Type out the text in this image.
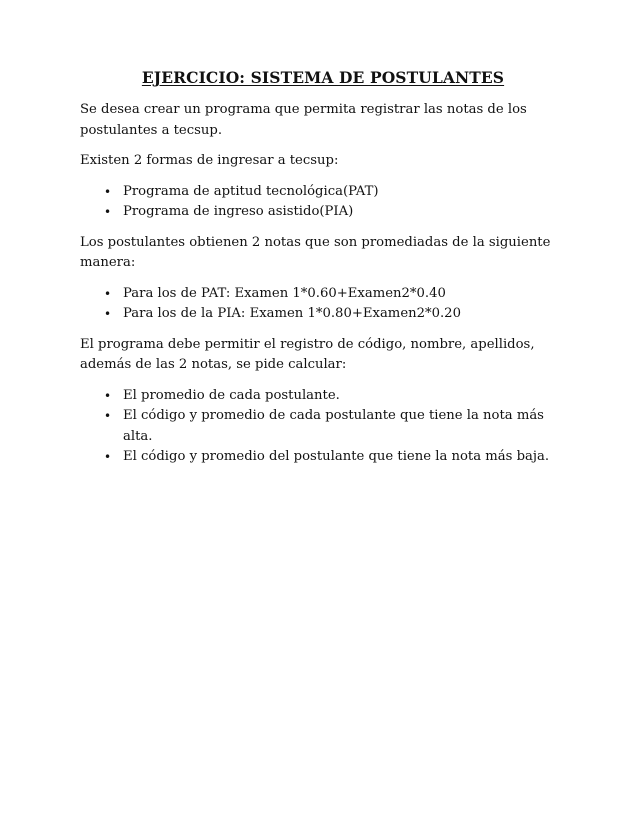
EJERCICIO: SISTEMA DE POSTULANTES

Se desea crear un programa que permita registrar las notas de los postulantes a tecsup.

Existen 2 formas de ingresar a tecsup:

• Programa de aptitud tecnológica(PAT)
• Programa de ingreso asistido(PIA)

Los postulantes obtienen 2 notas que son promediadas de la siguiente manera:

• Para los de PAT: Examen 1*0.60+Examen2*0.40
• Para los de la PIA: Examen 1*0.80+Examen2*0.20

El programa debe permitir el registro de código, nombre, apellidos, además de las 2 notas, se pide calcular:

• El promedio de cada postulante.
• El código y promedio de cada postulante que tiene la nota más alta.
• El código y promedio del postulante que tiene la nota más baja.
